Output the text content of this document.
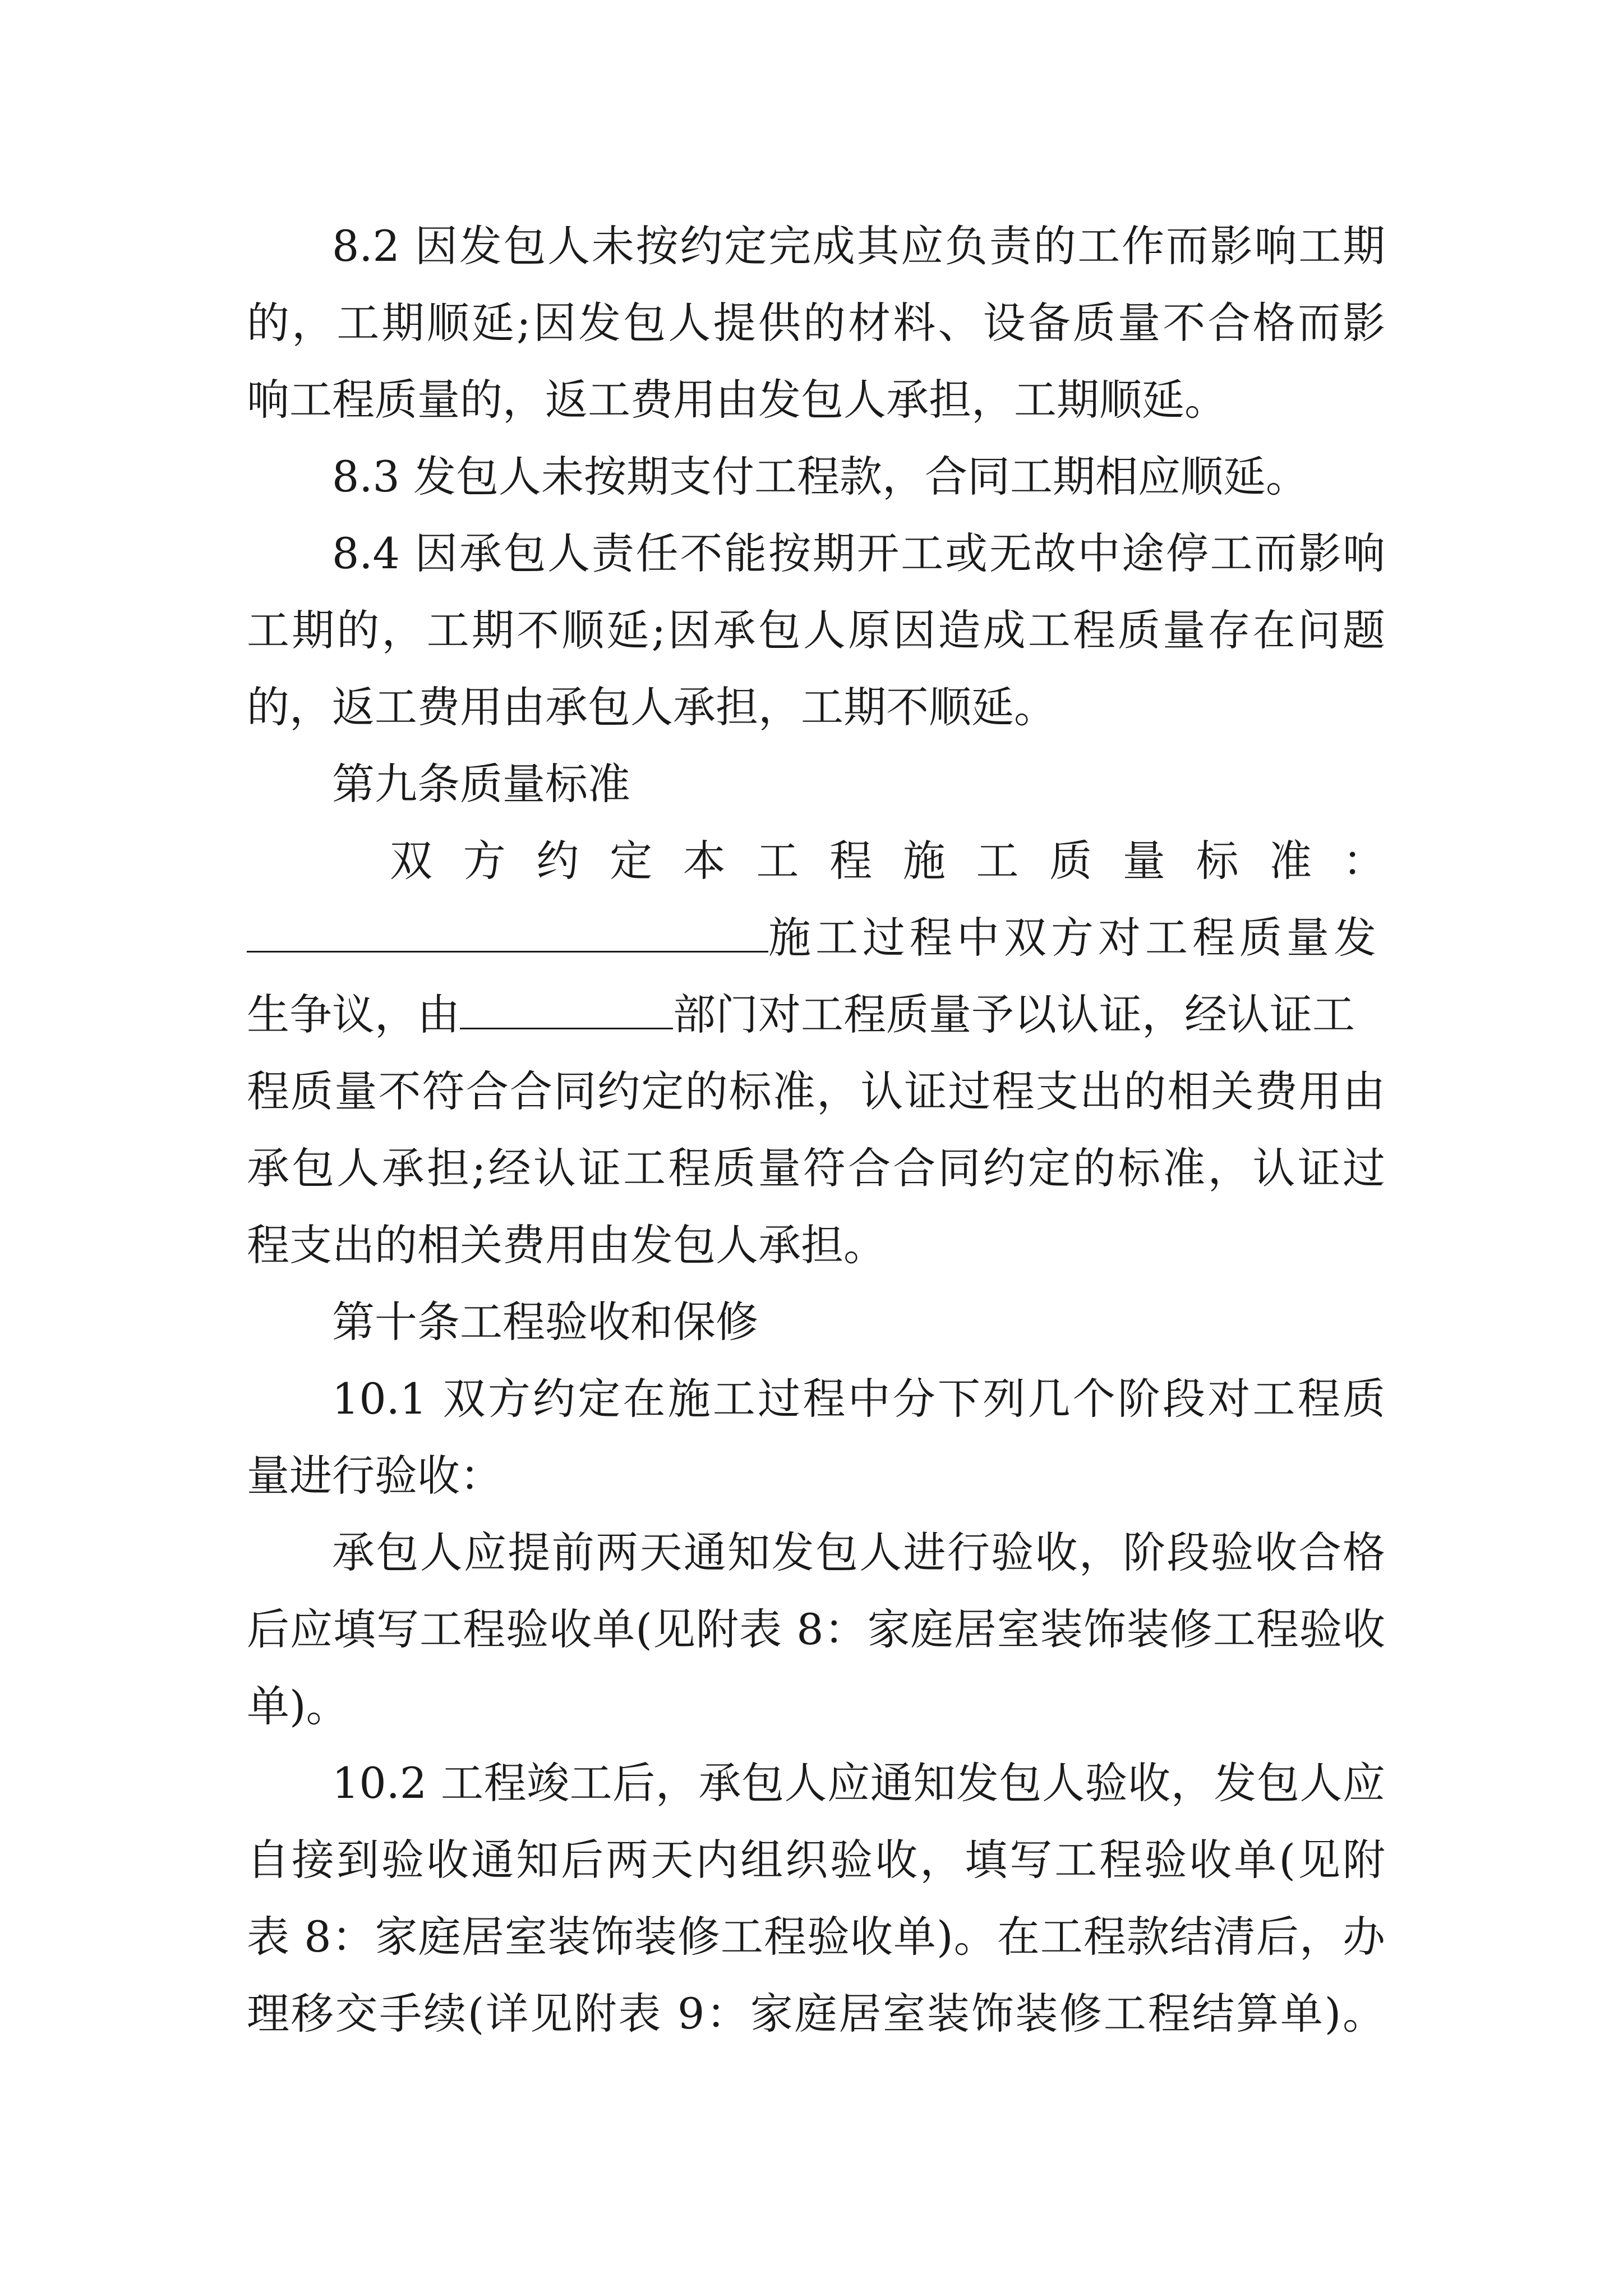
8.2 因发包人未按约定完成其应负责的工作而影响工期
的，工期顺延;因发包人提供的材料、设备质量不合格而影
响工程质量的，返工费用由发包人承担，工期顺延。
8.3 发包人未按期支付工程款，合同工期相应顺延。
8.4 因承包人责任不能按期开工或无故中途停工而影响
工期的，工期不顺延;因承包人原因造成工程质量存在问题
的，返工费用由承包人承担，工期不顺延。
第九条质量标准
双方约定本工程施工质量标准：
施工过程中双方对工程质量发
生争议，由	部门对工程质量予以认证，经认证工
程质量不符合合同约定的标准，认证过程支出的相关费用由
承包人承担;经认证工程质量符合合同约定的标准，认证过
程支出的相关费用由发包人承担。
第十条工程验收和保修
10.1 双方约定在施工过程中分下列几个阶段对工程质
量进行验收：
承包人应提前两天通知发包人进行验收，阶段验收合格
后应填写工程验收单(见附表 8：家庭居室装饰装修工程验收
单)。
10.2 工程竣工后，承包人应通知发包人验收，发包人应
自接到验收通知后两天内组织验收，填写工程验收单(见附
表 8：家庭居室装饰装修工程验收单)。在工程款结清后，办
理移交手续(详见附表 9：家庭居室装饰装修工程结算单)。
